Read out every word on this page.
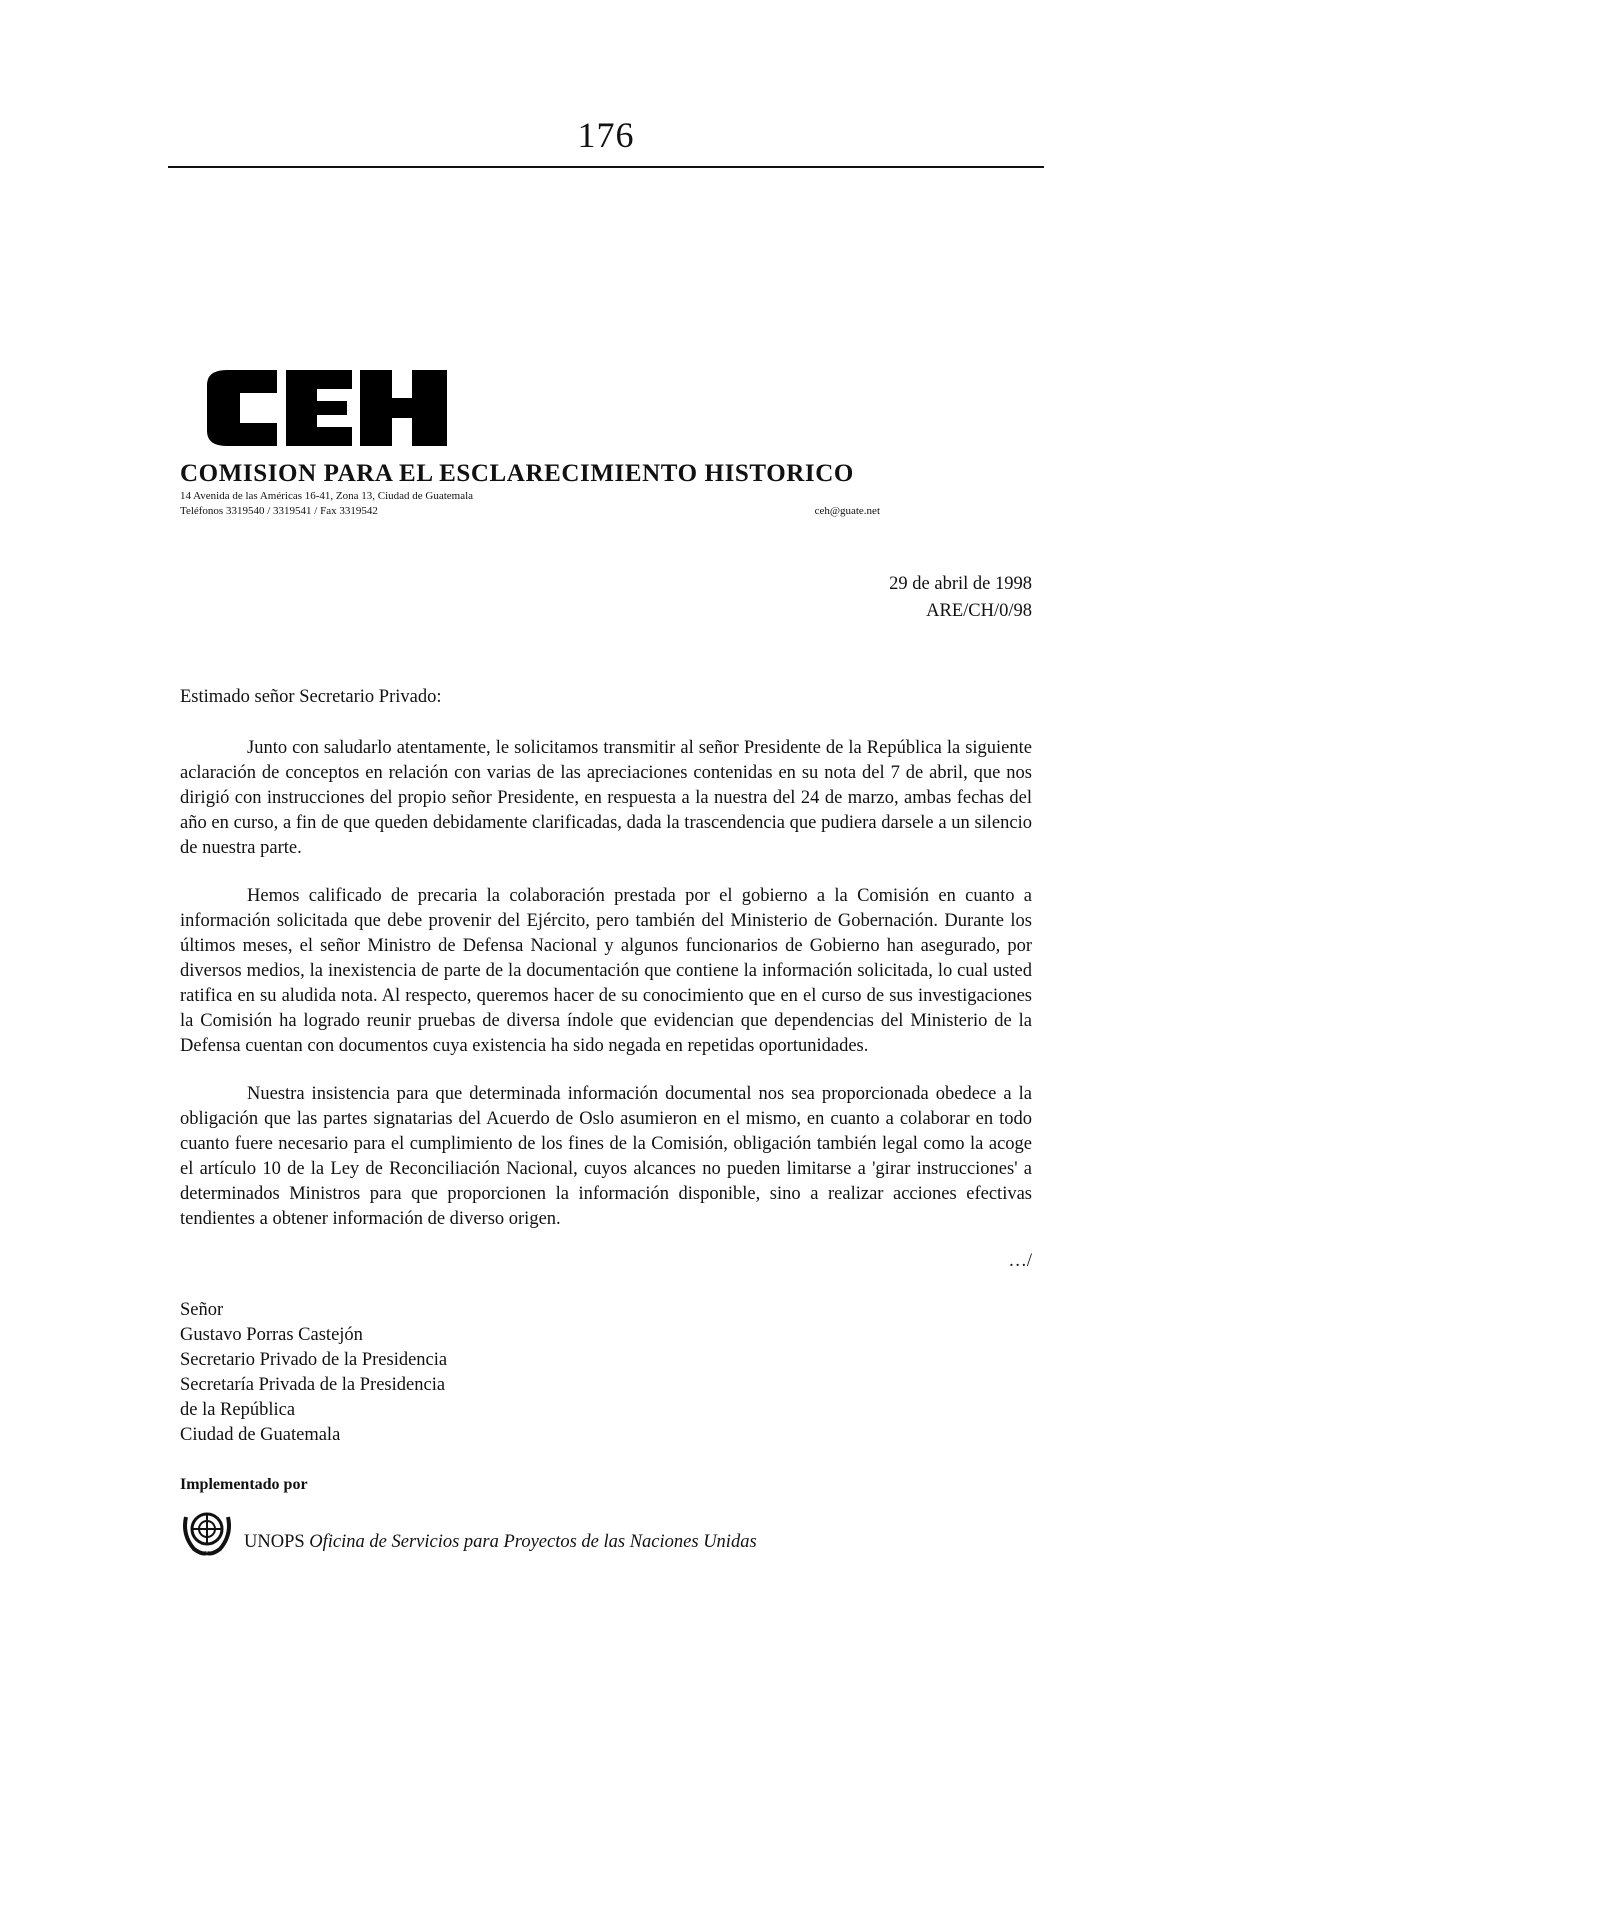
176
COMISION PARA EL ESCLARECIMIENTO HISTORICO
14 Avenida de las Américas 16-41, Zona 13, Ciudad de Guatemala
Teléfonos 3319540 / 3319541 / Fax 3319542	ceh@guate.net
29 de abril de 1998
ARE/CH/0/98
Estimado señor Secretario Privado:

Junto con saludarlo atentamente, le solicitamos transmitir al señor Presidente de la República la siguiente aclaración de conceptos en relación con varias de las apreciaciones contenidas en su nota del 7 de abril, que nos dirigió con instrucciones del propio señor Presidente, en respuesta a la nuestra del 24 de marzo, ambas fechas del año en curso, a fin de que queden debidamente clarificadas, dada la trascendencia que pudiera darsele a un silencio de nuestra parte.

Hemos calificado de precaria la colaboración prestada por el gobierno a la Comisión en cuanto a información solicitada que debe provenir del Ejército, pero también del Ministerio de Gobernación. Durante los últimos meses, el señor Ministro de Defensa Nacional y algunos funcionarios de Gobierno han asegurado, por diversos medios, la inexistencia de parte de la documentación que contiene la información solicitada, lo cual usted ratifica en su aludida nota. Al respecto, queremos hacer de su conocimiento que en el curso de sus investigaciones la Comisión ha logrado reunir pruebas de diversa índole que evidencian que dependencias del Ministerio de la Defensa cuentan con documentos cuya existencia ha sido negada en repetidas oportunidades.

Nuestra insistencia para que determinada información documental nos sea proporcionada obedece a la obligación que las partes signatarias del Acuerdo de Oslo asumieron en el mismo, en cuanto a colaborar en todo cuanto fuere necesario para el cumplimiento de los fines de la Comisión, obligación también legal como la acoge el artículo 10 de la Ley de Reconciliación Nacional, cuyos alcances no pueden limitarse a 'girar instrucciones' a determinados Ministros para que proporcionen la información disponible, sino a realizar acciones efectivas tendientes a obtener información de diverso origen.

…/
Señor
Gustavo Porras Castejón
Secretario Privado de la Presidencia
Secretaría Privada de la Presidencia
de la República
Ciudad de Guatemala
Implementado por
UNOPS Oficina de Servicios para Proyectos de las Naciones Unidas
